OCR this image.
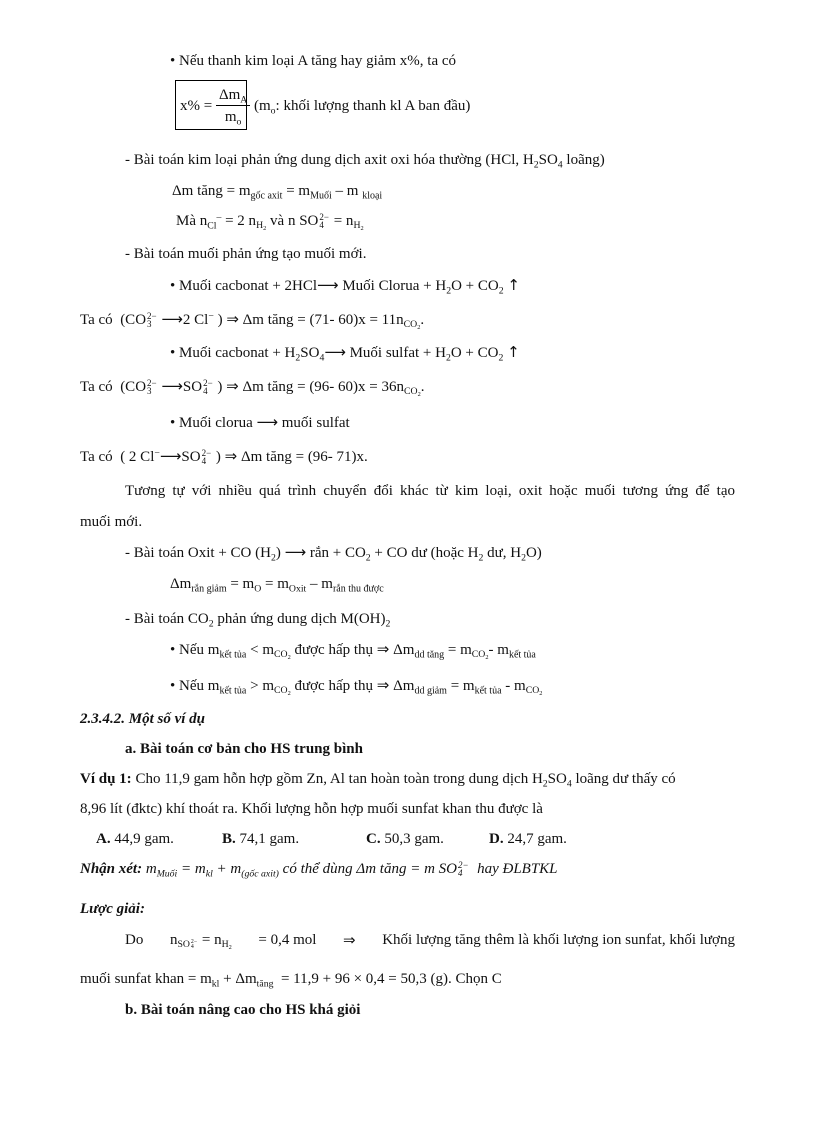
• Nếu thanh kim loại A tăng hay giảm x%, ta có
$x\% = \frac{\Delta m_A}{m_o} (m_o$: khối lượng thanh kl A ban đầu)
- Bài toán kim loại phản ứng dung dịch axit oxi hóa thường (HCl, $H_2SO_4$ loãng)
Δm tăng = $m_{gốc axit} = m_{Muối} - m$ $_{kloại}$
Mà $n_{Cl}^- = 2$ $n_{H_2}$ và n SO 2−
$4 = n_{H_2}$
- Bài toán muối phản ứng tạo muối mới.
• Muối cacbonat + 2HCl⟶ Muối Clorua + $H_2O + CO_2$ ↑
Ta có  (CO 2−
3 ⟶2 Cl− ) ⇒ Δm tăng = (71- $60)x = 11n_{CO_2}$.
• Muối cacbonat + $H_2SO_4⟶$ Muối sulfat + $H_2O + CO_2$ ↑
Ta có  (CO 2−
3 ⟶SO 2−
4 ) ⇒ Δm tăng = (96- $60)x = 36n_{CO_2}$.
• Muối clorua ⟶ muối sulfat
Ta có  ( 2 Cl−⟶SO 2−
4 ) ⇒ Δm tăng = (96- 71)x.
Tương tự với nhiều quá trình chuyển đổi khác từ kim loại, oxit hoặc muối tương ứng để tạo
muối mới.
- Bài toán Oxit + CO $(H_2)$ ⟶ rắn + $CO_2$ + CO dư (hoặc $H_2$ dư, $H_2O$)
$\Delta m_{rắn giảm} = m_O = m_{Oxit} - m_{rắn thu được}$
- Bài toán $CO_2$ phản ứng dung dịch $M(OH)_2$
• Nếu $m_{kết tủa} < m_{CO_2}$ được hấp thụ ⇒ $\Delta m_{dd tăng} = m_{CO_2}-$ $m_{kết tủa}$
• Nếu $m_{kết tủa} > m_{CO_2}$ được hấp thụ ⇒ $\Delta m_{dd giảm} = m_{kết tủa} - m_{CO_2}$
2.3.4.2. Một số ví dụ
a. Bài toán cơ bản cho HS trung bình
Ví dụ 1: Cho 11,9 gam hỗn hợp gồm Zn, Al tan hoàn toàn trong dung dịch $H_2SO_4$ loãng dư thấy có
8,96 lít (đktc) khí thoát ra. Khối lượng hỗn hợp muối sunfat khan thu được là
A. 44,9 gam.	B. 74,1 gam.	C. 50,3 gam.	D. 24,7 gam.
Nhận xét: $m_{Muối} = m_{kl} + m_{(gốc axit)}$ có thể dùng Δm tăng = m SO 2−
4 hay ĐLBTKL
Lược giải:
Do $n_{SO 2- 4} = n_{H_2}$
= 0,4 mol ⇒ Khối lượng tăng thêm là khối lượng ion sunfat, khối lượng
muối sunfat khan = $m_{kl} + \Delta m_{tăng} = 11,9 + 96 \times 0,4 = 50,3$ (g). Chọn C
b. Bài toán nâng cao cho HS khá giỏi
